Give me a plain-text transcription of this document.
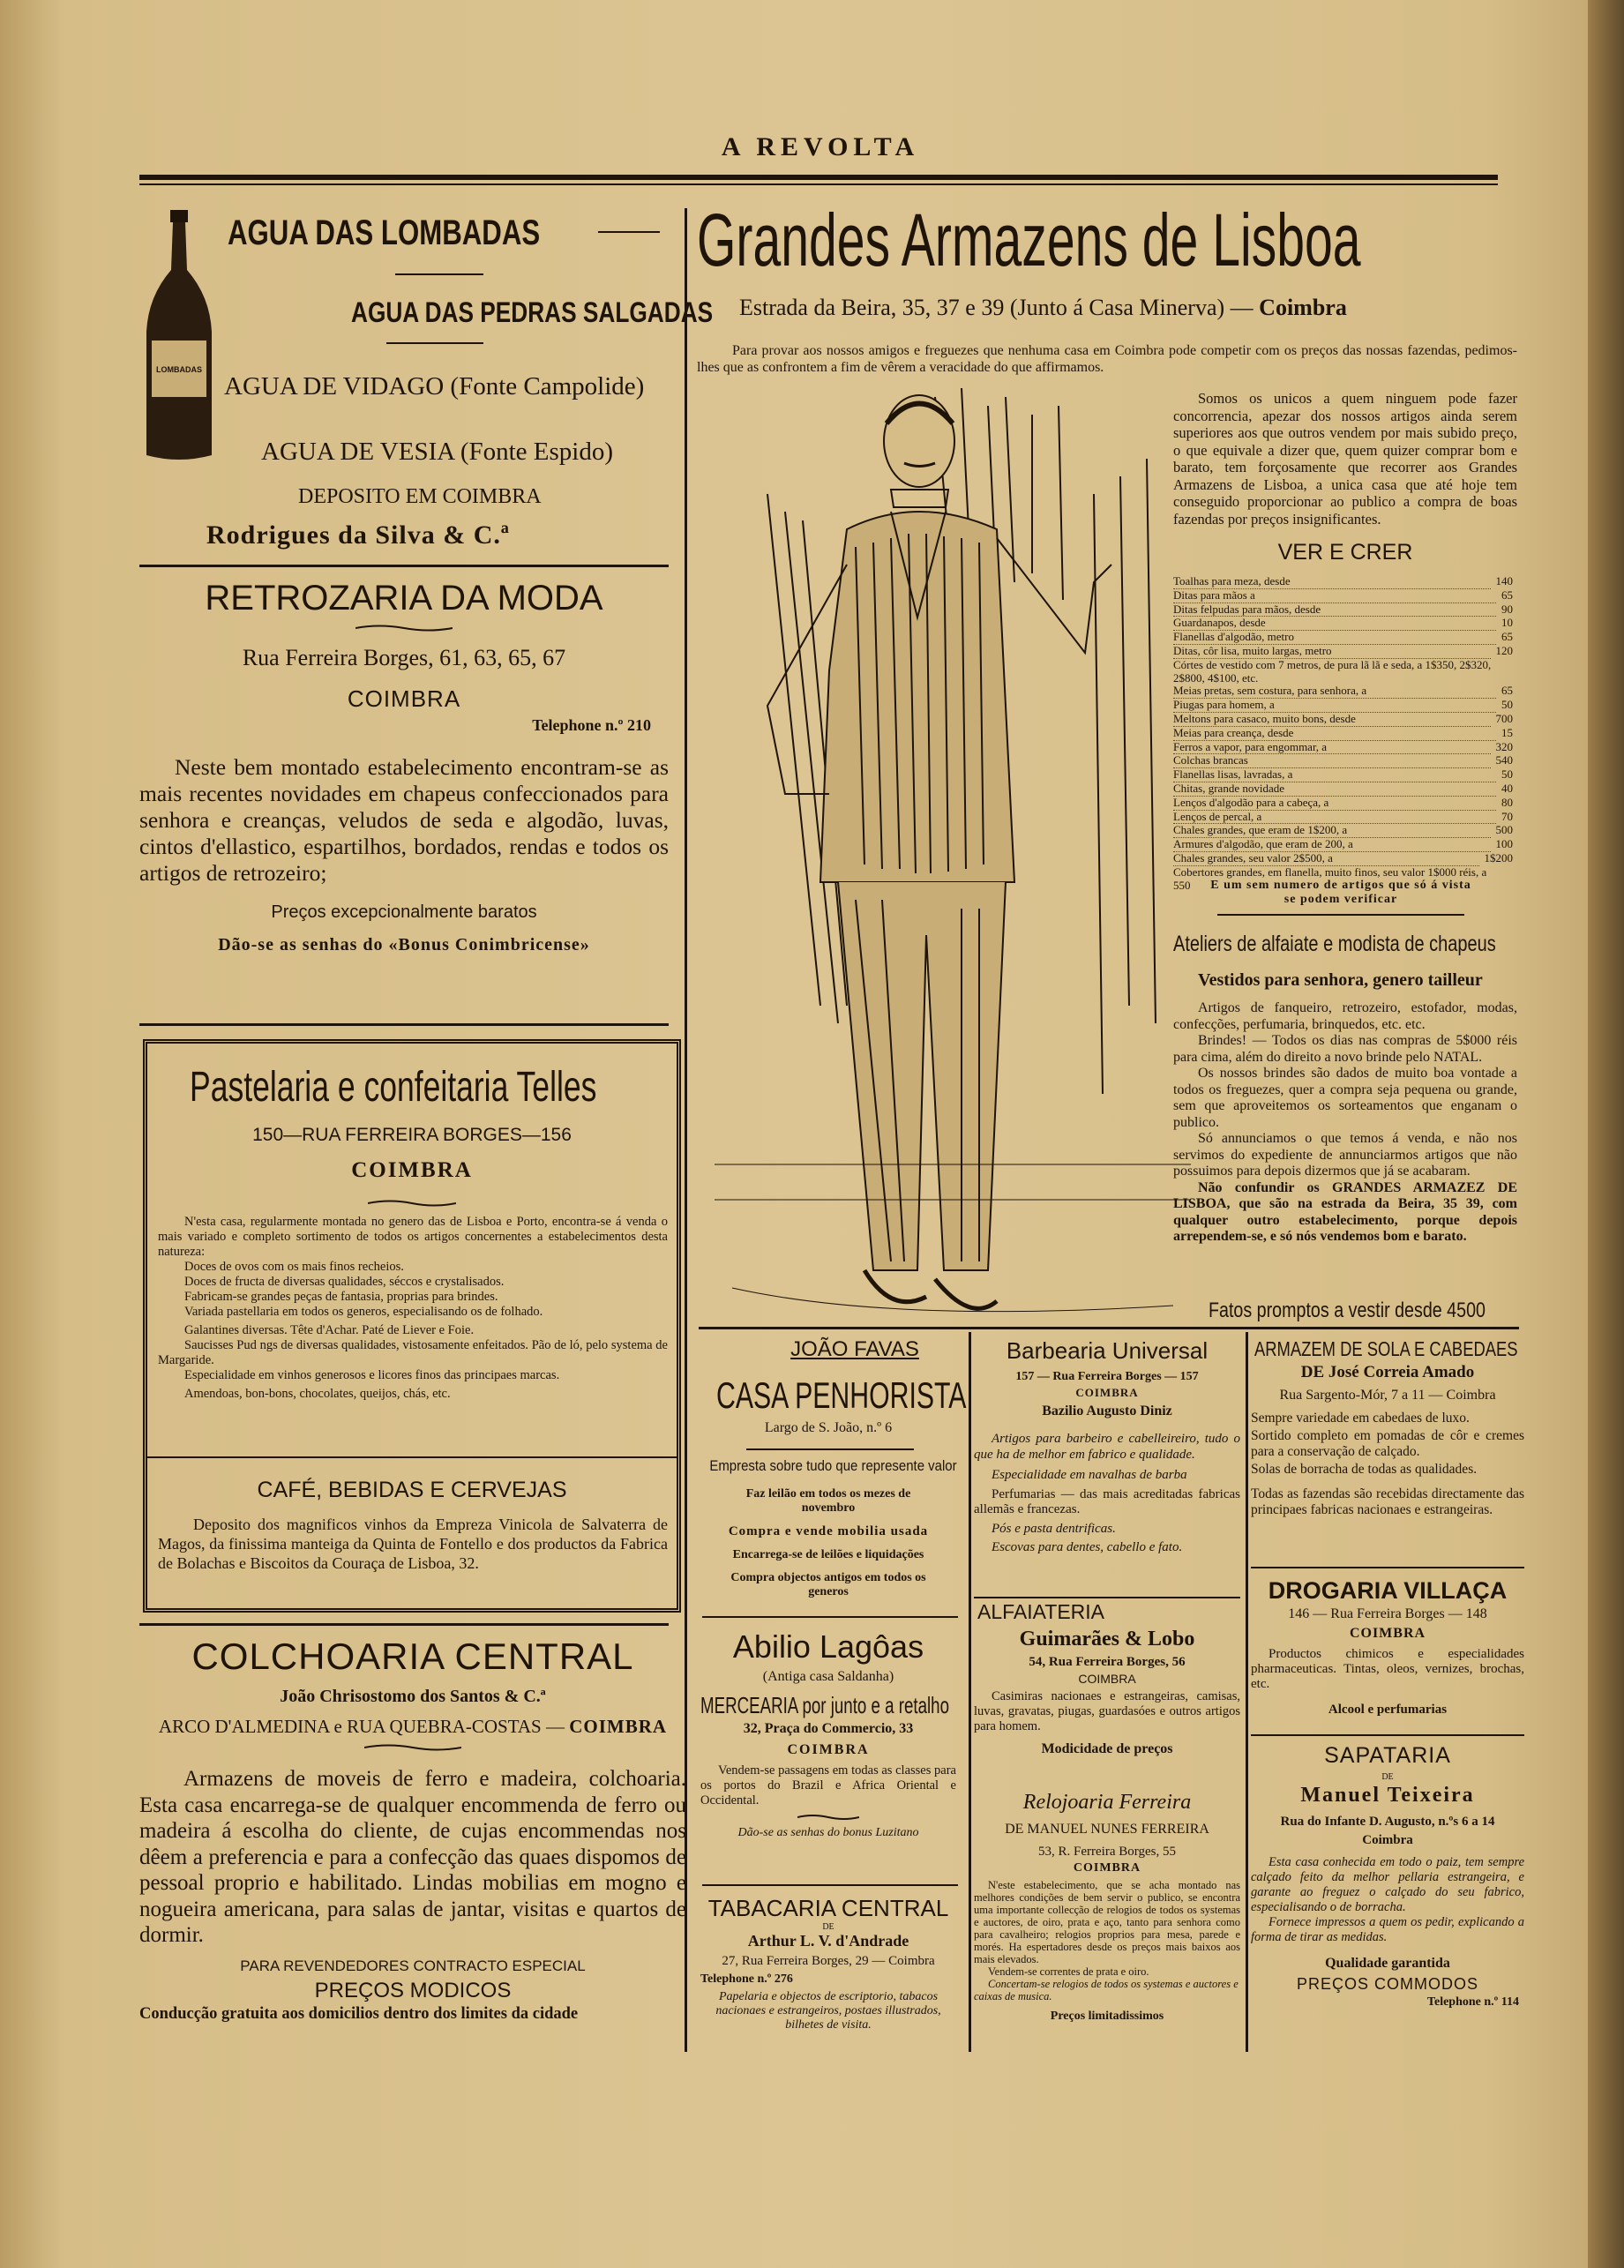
A REVOLTA
LOMBADAS
AGUA DAS LOMBADAS
AGUA DAS PEDRAS SALGADAS
AGUA DE VIDAGO (Fonte Campolide)
AGUA DE VESIA (Fonte Espido)
DEPOSITO EM COIMBRA
Rodrigues da Silva & C.ª
RETROZARIA DA MODA
Rua Ferreira Borges, 61, 63, 65, 67
COIMBRA
Telephone n.º 210

Neste bem montado estabelecimento encontram-se as mais recentes novidades em chapeus confeccionados para senhora e creanças, veludos de seda e algodão, luvas, cintos d'ellastico, espartilhos, bordados, rendas e todos os artigos de retrozeiro;

Preços excepcionalmente baratos
Dão-se as senhas do «Bonus Conimbricense»
Pastelaria e confeitaria Telles
150—RUA FERREIRA BORGES—156
COIMBRA

N'esta casa, regularmente montada no genero das de Lisboa e Porto, encontra-se á venda o mais variado e completo sortimento de todos os artigos concernentes a estabelecimentos desta natureza:

Doces de ovos com os mais finos recheios.

Doces de fructa de diversas qualidades, séccos e crystalisados.

Fabricam-se grandes peças de fantasia, proprias para brindes.

Variada pastellaria em todos os generos, especialisando os de folhado.

Galantines diversas. Tête d'Achar. Paté de Liever e Foie.

Saucisses Pud ngs de diversas qualidades, vistosamente enfeitados. Pão de ló, pelo systema de Margaride.

Especialidade em vinhos generosos e licores finos das principaes marcas.

Amendoas, bon-bons, chocolates, queijos, chás, etc.

CAFÉ, BEBIDAS E CERVEJAS

Deposito dos magnificos vinhos da Empreza Vinicola de Salvaterra de Magos, da finissima manteiga da Quinta de Fontello e dos productos da Fabrica de Bolachas e Biscoitos da Couraça de Lisboa, 32.

COLCHOARIA CENTRAL
João Chrisostomo dos Santos & C.ª
ARCO D'ALMEDINA e RUA QUEBRA-COSTAS — COIMBRA

Armazens de moveis de ferro e madeira, colchoaria. Esta casa encarrega-se de qualquer encommenda de ferro ou madeira á escolha do cliente, de cujas encommendas nos dêem a preferencia e para a confecção das quaes dispomos de pessoal proprio e habilitado. Lindas mobilias em mogno e nogueira americana, para salas de jantar, visitas e quartos de dormir.

PARA REVENDEDORES CONTRACTO ESPECIAL
PREÇOS MODICOS
Conducção gratuita aos domicilios dentro dos limites da cidade
Grandes Armazens de Lisboa
Estrada da Beira, 35, 37 e 39 (Junto á Casa Minerva) — Coimbra

Para provar aos nossos amigos e freguezes que nenhuma casa em Coimbra pode competir com os preços das nossas fazendas, pedimos-lhes que as confrontem a fim de vêrem a veracidade do que affirmamos.

Somos os unicos a quem ninguem pode fazer concorrencia, apezar dos nossos artigos ainda serem superiores aos que outros vendem por mais subido preço, o que equivale a dizer que, quem quizer comprar bom e barato, tem forçosamente que recorrer aos Grandes Armazens de Lisboa, a unica casa que até hoje tem conseguido proporcionar ao publico a compra de boas fazendas por preços insignificantes.

VER E CRER
Toalhas para meza, desde	140
Ditas para mãos a	65
Ditas felpudas para mãos, desde	90
Guardanapos, desde	10
Flanellas d'algodão, metro	65
Ditas, côr lisa, muito largas, metro	120
Córtes de vestido com 7 metros, de pura lã lã e seda, a 1$350, 2$320, 2$800, 4$100, etc.
Meias pretas, sem costura, para senhora, a	65
Piugas para homem, a	50
Meltons para casaco, muito bons, desde	700
Meias para creança, desde	15
Ferros a vapor, para engommar, a	320
Colchas brancas	540
Flanellas lisas, lavradas, a	50
Chitas, grande novidade	40
Lenços d'algodão para a cabeça, a	80
Lenços de percal, a	70
Chales grandes, que eram de 1$200, a	500
Armures d'algodão, que eram de 200, a	100
Chales grandes, seu valor 2$500, a	1$200
Cobertores grandes, em flanella, muito finos, seu valor 1$000 réis, a
550	E um sem numero de artigos que só á vista se podem verificar

Ateliers de alfaiate e modista de chapeus
Vestidos para senhora, genero tailleur

Artigos de fanqueiro, retrozeiro, estofador, modas, confecções, perfumaria, brinquedos, etc. etc.

Brindes! — Todos os dias nas compras de 5$000 réis para cima, além do direito a novo brinde pelo NATAL.

Os nossos brindes são dados de muito boa vontade a todos os freguezes, quer a compra seja pequena ou grande, sem que aproveitemos os sorteamentos que enganam o publico.

Só annunciamos o que temos á venda, e não nos servimos do expediente de annunciarmos artigos que não possuimos para depois dizermos que já se acabaram.

Não confundir os GRANDES ARMAZEZ DE LISBOA, que são na estrada da Beira, 35 39, com qualquer outro estabelecimento, porque depois arrependem-se, e só nós vendemos bom e barato.

Fatos promptos a vestir desde 4500
JOÃO FAVAS
CASA PENHORISTA
Largo de S. João, n.º 6
Empresta sobre tudo que represente valor
Faz leilão em todos os mezes de novembro
Compra e vende mobilia usada
Encarrega-se de leilões e liquidações
Compra objectos antigos em todos os generos
Abilio Lagôas
(Antiga casa Saldanha)
MERCEARIA por junto e a retalho
32, Praça do Commercio, 33
COIMBRA

Vendem-se passagens em todas as classes para os portos do Brazil e Africa Oriental e Occidental.

Dão-se as senhas do bonus Luzitano
TABACARIA CENTRAL
DE
Arthur L. V. d'Andrade
27, Rua Ferreira Borges, 29 — Coimbra
Telephone n.º 276

Papelaria e objectos de escriptorio, tabacos nacionaes e estrangeiros, postaes illustrados, bilhetes de visita.

Barbearia Universal
157 — Rua Ferreira Borges — 157
COIMBRA
Bazilio Augusto Diniz

Artigos para barbeiro e cabelleireiro, tudo o que ha de melhor em fabrico e qualidade.

Especialidade em navalhas de barba

Perfumarias — das mais acreditadas fabricas allemãs e francezas.

Pós e pasta dentrificas.

Escovas para dentes, cabello e fato.

ALFAIATERIA
Guimarães & Lobo
54, Rua Ferreira Borges, 56
COIMBRA

Casimiras nacionaes e estrangeiras, camisas, luvas, gravatas, piugas, guardasóes e outros artigos para homem.

Modicidade de preços
Relojoaria Ferreira
DE MANUEL NUNES FERREIRA
53, R. Ferreira Borges, 55
COIMBRA

N'este estabelecimento, que se acha montado nas melhores condições de bem servir o publico, se encontra uma importante collecção de relogios de todos os systemas e auctores, de oiro, prata e aço, tanto para senhora como para cavalheiro; relogios proprios para mesa, parede e morés. Ha espertadores desde os preços mais baixos aos mais elevados.

Vendem-se correntes de prata e oiro.

Concertam-se relogios de todos os systemas e auctores e caixas de musica.

Preços limitadissimos
ARMAZEM DE SOLA E CABEDAES
DE José Correia Amado
Rua Sargento-Mór, 7 a 11 — Coimbra

Sempre variedade em cabedaes de luxo.

Sortido completo em pomadas de côr e cremes para a conservação de calçado.

Solas de borracha de todas as qualidades.

Todas as fazendas são recebidas directamente das principaes fabricas nacionaes e estrangeiras.

DROGARIA VILLAÇA
146 — Rua Ferreira Borges — 148
COIMBRA

Productos chimicos e especialidades pharmaceuticas. Tintas, oleos, vernizes, brochas, etc.

Alcool e perfumarias
SAPATARIA
DE
Manuel Teixeira
Rua do Infante D. Augusto, n.ºs 6 a 14
Coimbra

Esta casa conhecida em todo o paiz, tem sempre calçado feito da melhor pellaria estrangeira, e garante ao freguez o calçado do seu fabrico, especialisando o de borracha.

Fornece impressos a quem os pedir, explicando a forma de tirar as medidas.

Qualidade garantida
PREÇOS COMMODOS
Telephone n.º 114
